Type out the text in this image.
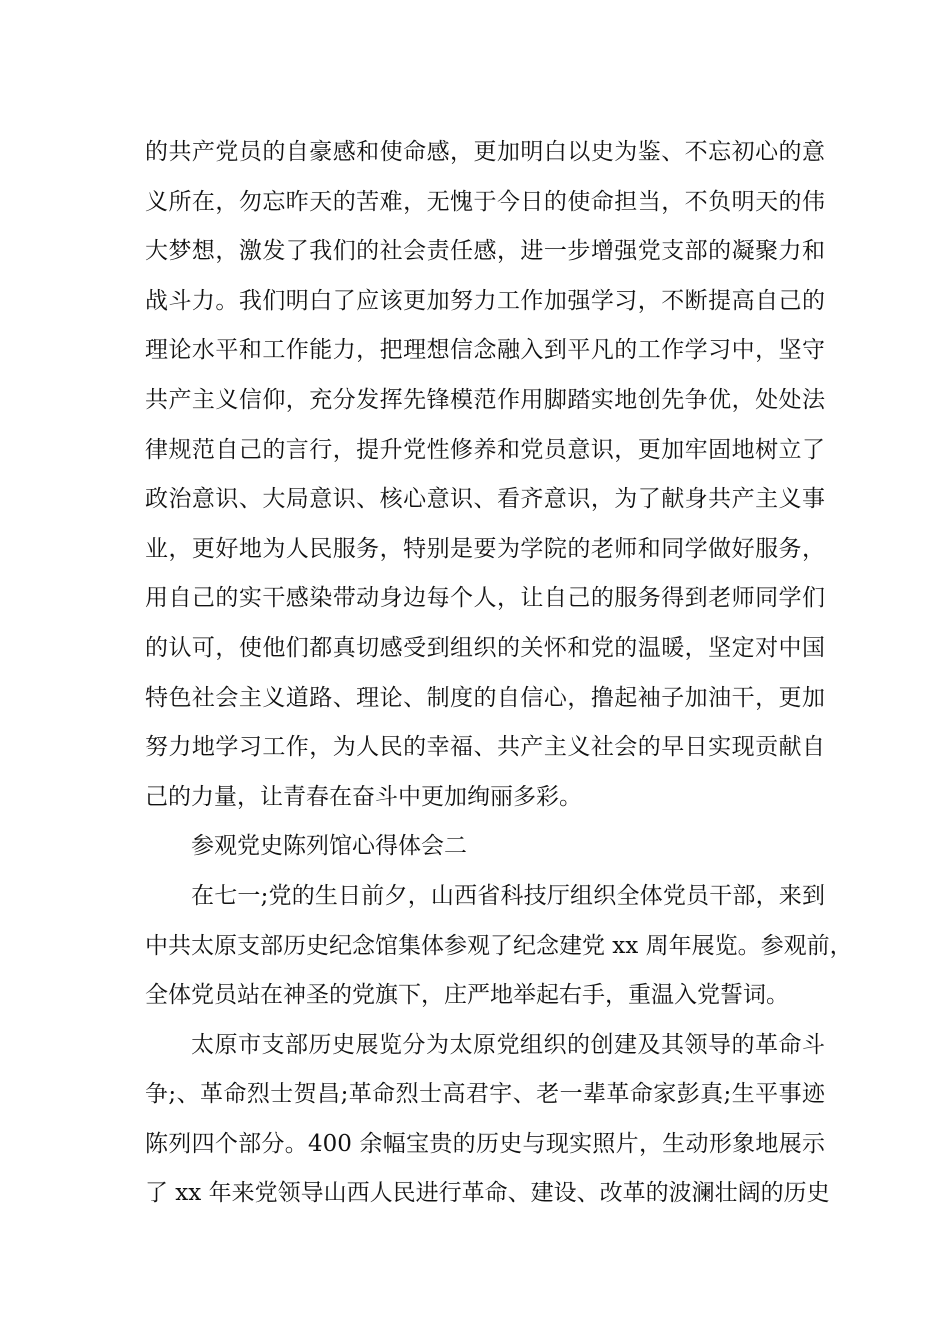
的共产党员的自豪感和使命感，更加明白以史为鉴、不忘初心的意
义所在，勿忘昨天的苦难，无愧于今日的使命担当，不负明天的伟
大梦想，激发了我们的社会责任感，进一步增强党支部的凝聚力和
战斗力。我们明白了应该更加努力工作加强学习，不断提高自己的
理论水平和工作能力，把理想信念融入到平凡的工作学习中，坚守
共产主义信仰，充分发挥先锋模范作用脚踏实地创先争优，处处法
律规范自己的言行，提升党性修养和党员意识，更加牢固地树立了
政治意识、大局意识、核心意识、看齐意识，为了献身共产主义事
业，更好地为人民服务，特别是要为学院的老师和同学做好服务，
用自己的实干感染带动身边每个人，让自己的服务得到老师同学们
的认可，使他们都真切感受到组织的关怀和党的温暖，坚定对中国
特色社会主义道路、理论、制度的自信心，撸起袖子加油干，更加
努力地学习工作，为人民的幸福、共产主义社会的早日实现贡献自
己的力量，让青春在奋斗中更加绚丽多彩。
参观党史陈列馆心得体会二
在七一;党的生日前夕，山西省科技厅组织全体党员干部，来到
中共太原支部历史纪念馆集体参观了纪念建党 xx 周年展览。参观前，
全体党员站在神圣的党旗下，庄严地举起右手，重温入党誓词。
太原市支部历史展览分为太原党组织的创建及其领导的革命斗
争;、革命烈士贺昌;革命烈士高君宇、老一辈革命家彭真;生平事迹
陈列四个部分。400 余幅宝贵的历史与现实照片，生动形象地展示
了 xx 年来党领导山西人民进行革命、建设、改革的波澜壮阔的历史
